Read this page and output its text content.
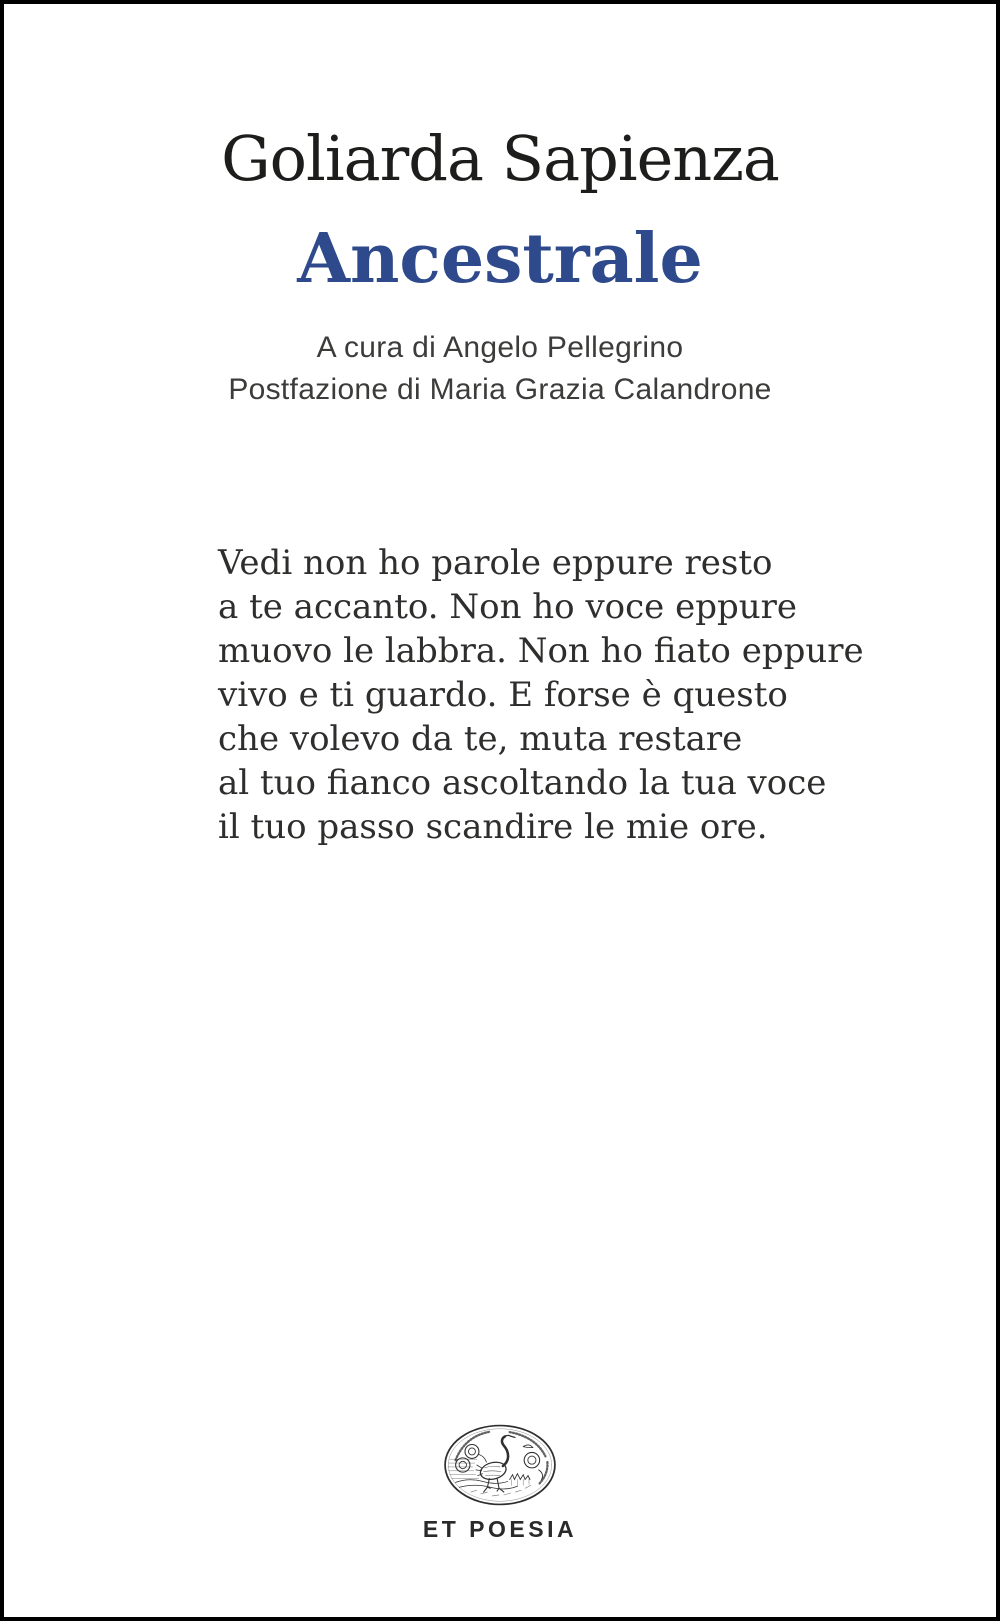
Goliarda Sapienza
Ancestrale
A cura di Angelo Pellegrino
Postfazione di Maria Grazia Calandrone
Vedi non ho parole eppure resto
a te accanto. Non ho voce eppure
muovo le labbra. Non ho fiato eppure
vivo e ti guardo. E forse è questo
che volevo da te, muta restare
al tuo fianco ascoltando la tua voce
il tuo passo scandire le mie ore.
ET POESIA
